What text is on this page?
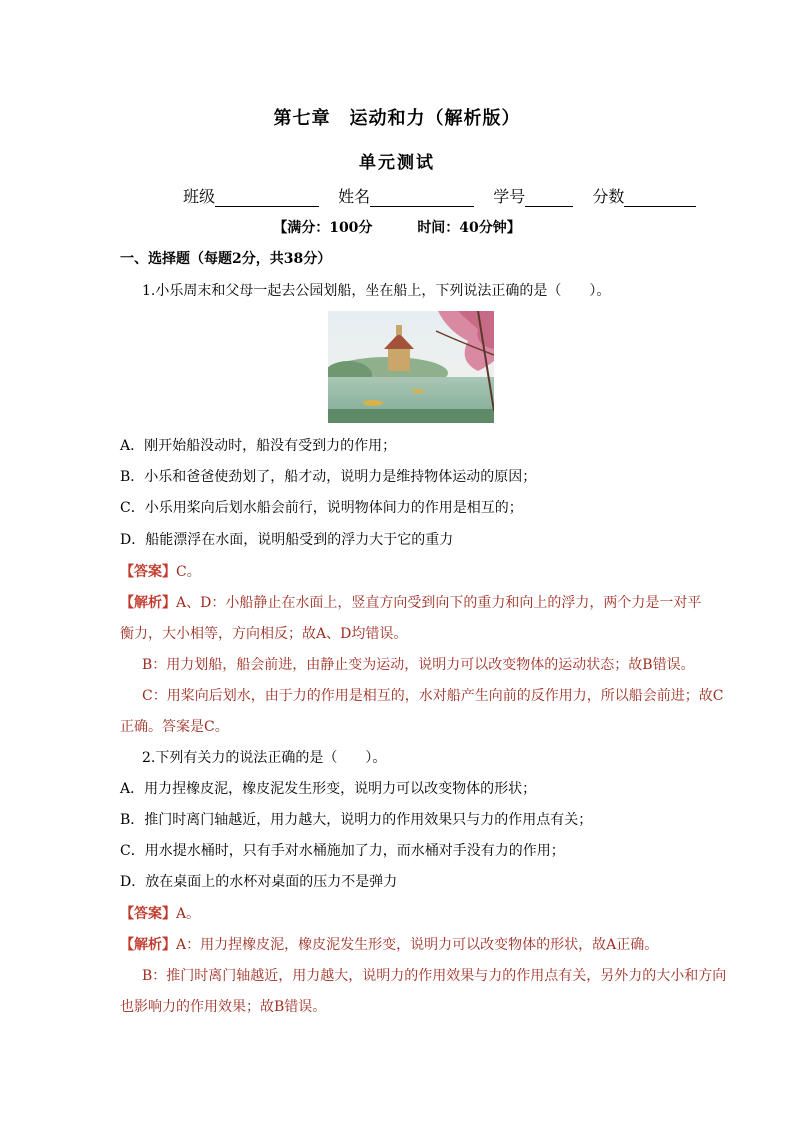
第七章　运动和力（解析版）
单元测试
班级	姓名	学号	分数
【满分：100分	时间：40分钟】
一、选择题（每题2分，共38分）
1.小乐周末和父母一起去公园划船，坐在船上，下列说法正确的是（　　）。
A．刚开始船没动时，船没有受到力的作用；
B．小乐和爸爸使劲划了，船才动，说明力是维持物体运动的原因；
C．小乐用桨向后划水船会前行，说明物体间力的作用是相互的；
D．船能漂浮在水面，说明船受到的浮力大于它的重力
【答案】C。
【解析】A、D：小船静止在水面上，竖直方向受到向下的重力和向上的浮力，两个力是一对平
衡力，大小相等，方向相反；故A、D均错误。
B：用力划船，船会前进，由静止变为运动，说明力可以改变物体的运动状态；故B错误。
C：用桨向后划水，由于力的作用是相互的，水对船产生向前的反作用力，所以船会前进；故C
正确。答案是C。
2.下列有关力的说法正确的是（　　）。
A．用力捏橡皮泥，橡皮泥发生形变，说明力可以改变物体的形状；
B．推门时离门轴越近，用力越大，说明力的作用效果只与力的作用点有关；
C．用水提水桶时，只有手对水桶施加了力，而水桶对手没有力的作用；
D．放在桌面上的水杯对桌面的压力不是弹力
【答案】A。
【解析】A：用力捏橡皮泥，橡皮泥发生形变，说明力可以改变物体的形状，故A正确。
B：推门时离门轴越近，用力越大，说明力的作用效果与力的作用点有关，另外力的大小和方向
也影响力的作用效果；故B错误。
